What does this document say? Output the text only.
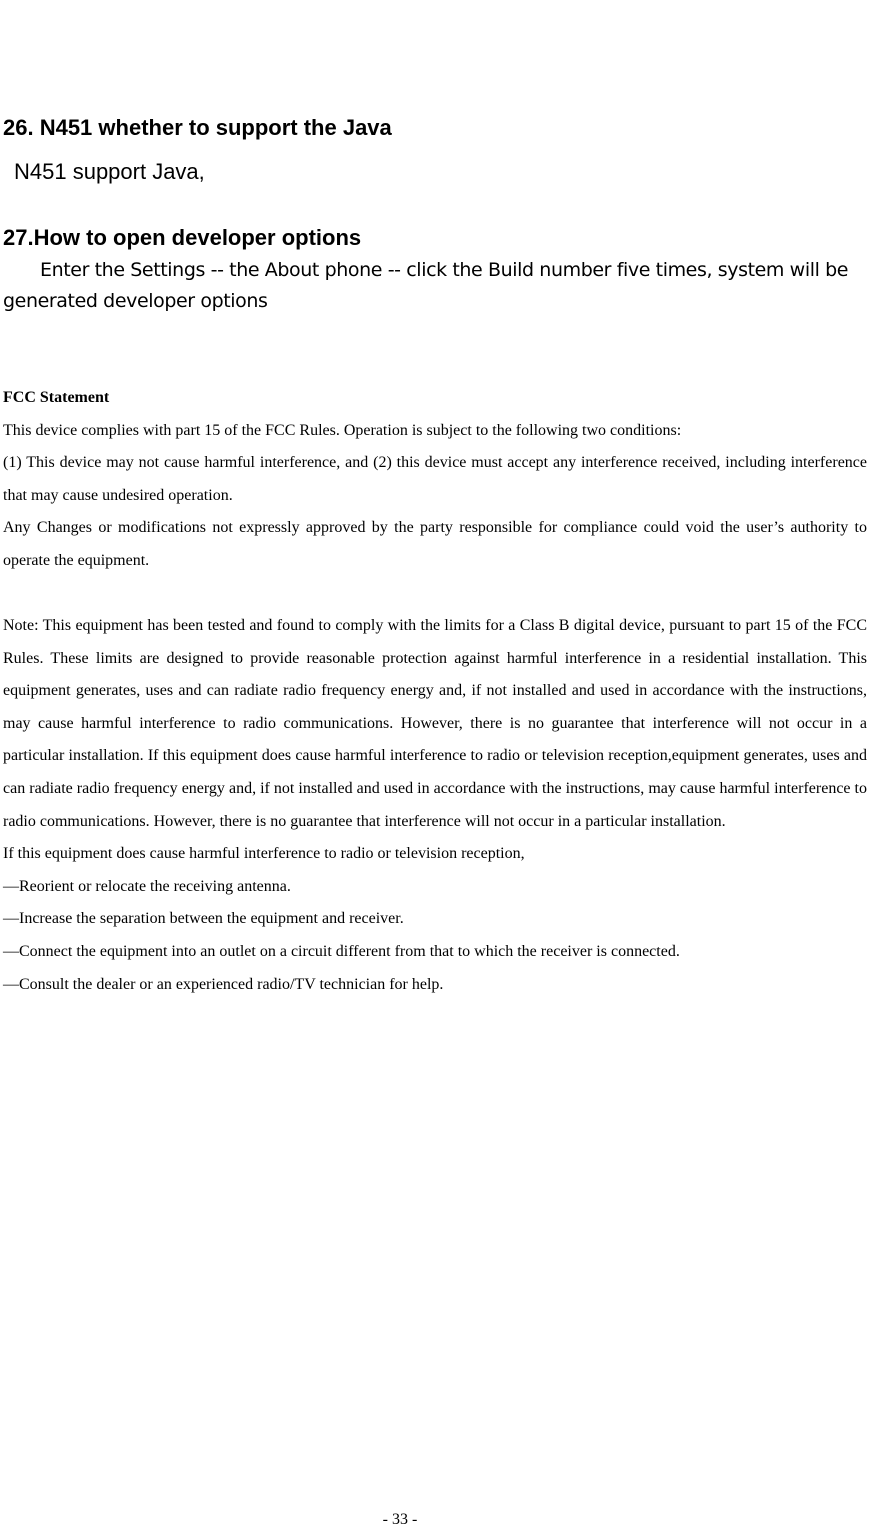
26. N451 whether to support the Java
N451 support Java,
27.How to open developer options
Enter the Settings -- the About phone -- click the Build number five times, system will be generated developer options

FCC Statement

This device complies with part 15 of the FCC Rules. Operation is subject to the following two conditions:

(1) This device may not cause harmful interference, and (2) this device must accept any interference received, including interference that may cause undesired operation.

Any Changes or modifications not expressly approved by the party responsible for compliance could void the user’s authority to operate the equipment.

Note: This equipment has been tested and found to comply with the limits for a Class B digital device, pursuant to part 15 of the FCC Rules. These limits are designed to provide reasonable protection against harmful interference in a residential installation. This equipment generates, uses and can radiate radio frequency energy and, if not installed and used in accordance with the instructions, may cause harmful interference to radio communications. However, there is no guarantee that interference will not occur in a particular installation. If this equipment does cause harmful interference to radio or television reception,equipment generates, uses and can radiate radio frequency energy and, if not installed and used in accordance with the instructions, may cause harmful interference to radio communications. However, there is no guarantee that interference will not occur in a particular installation.

If this equipment does cause harmful interference to radio or television reception,

—Reorient or relocate the receiving antenna.

—Increase the separation between the equipment and receiver.

—Connect the equipment into an outlet on a circuit different from that to which the receiver is connected.

—Consult the dealer or an experienced radio/TV technician for help.

- 33 -
